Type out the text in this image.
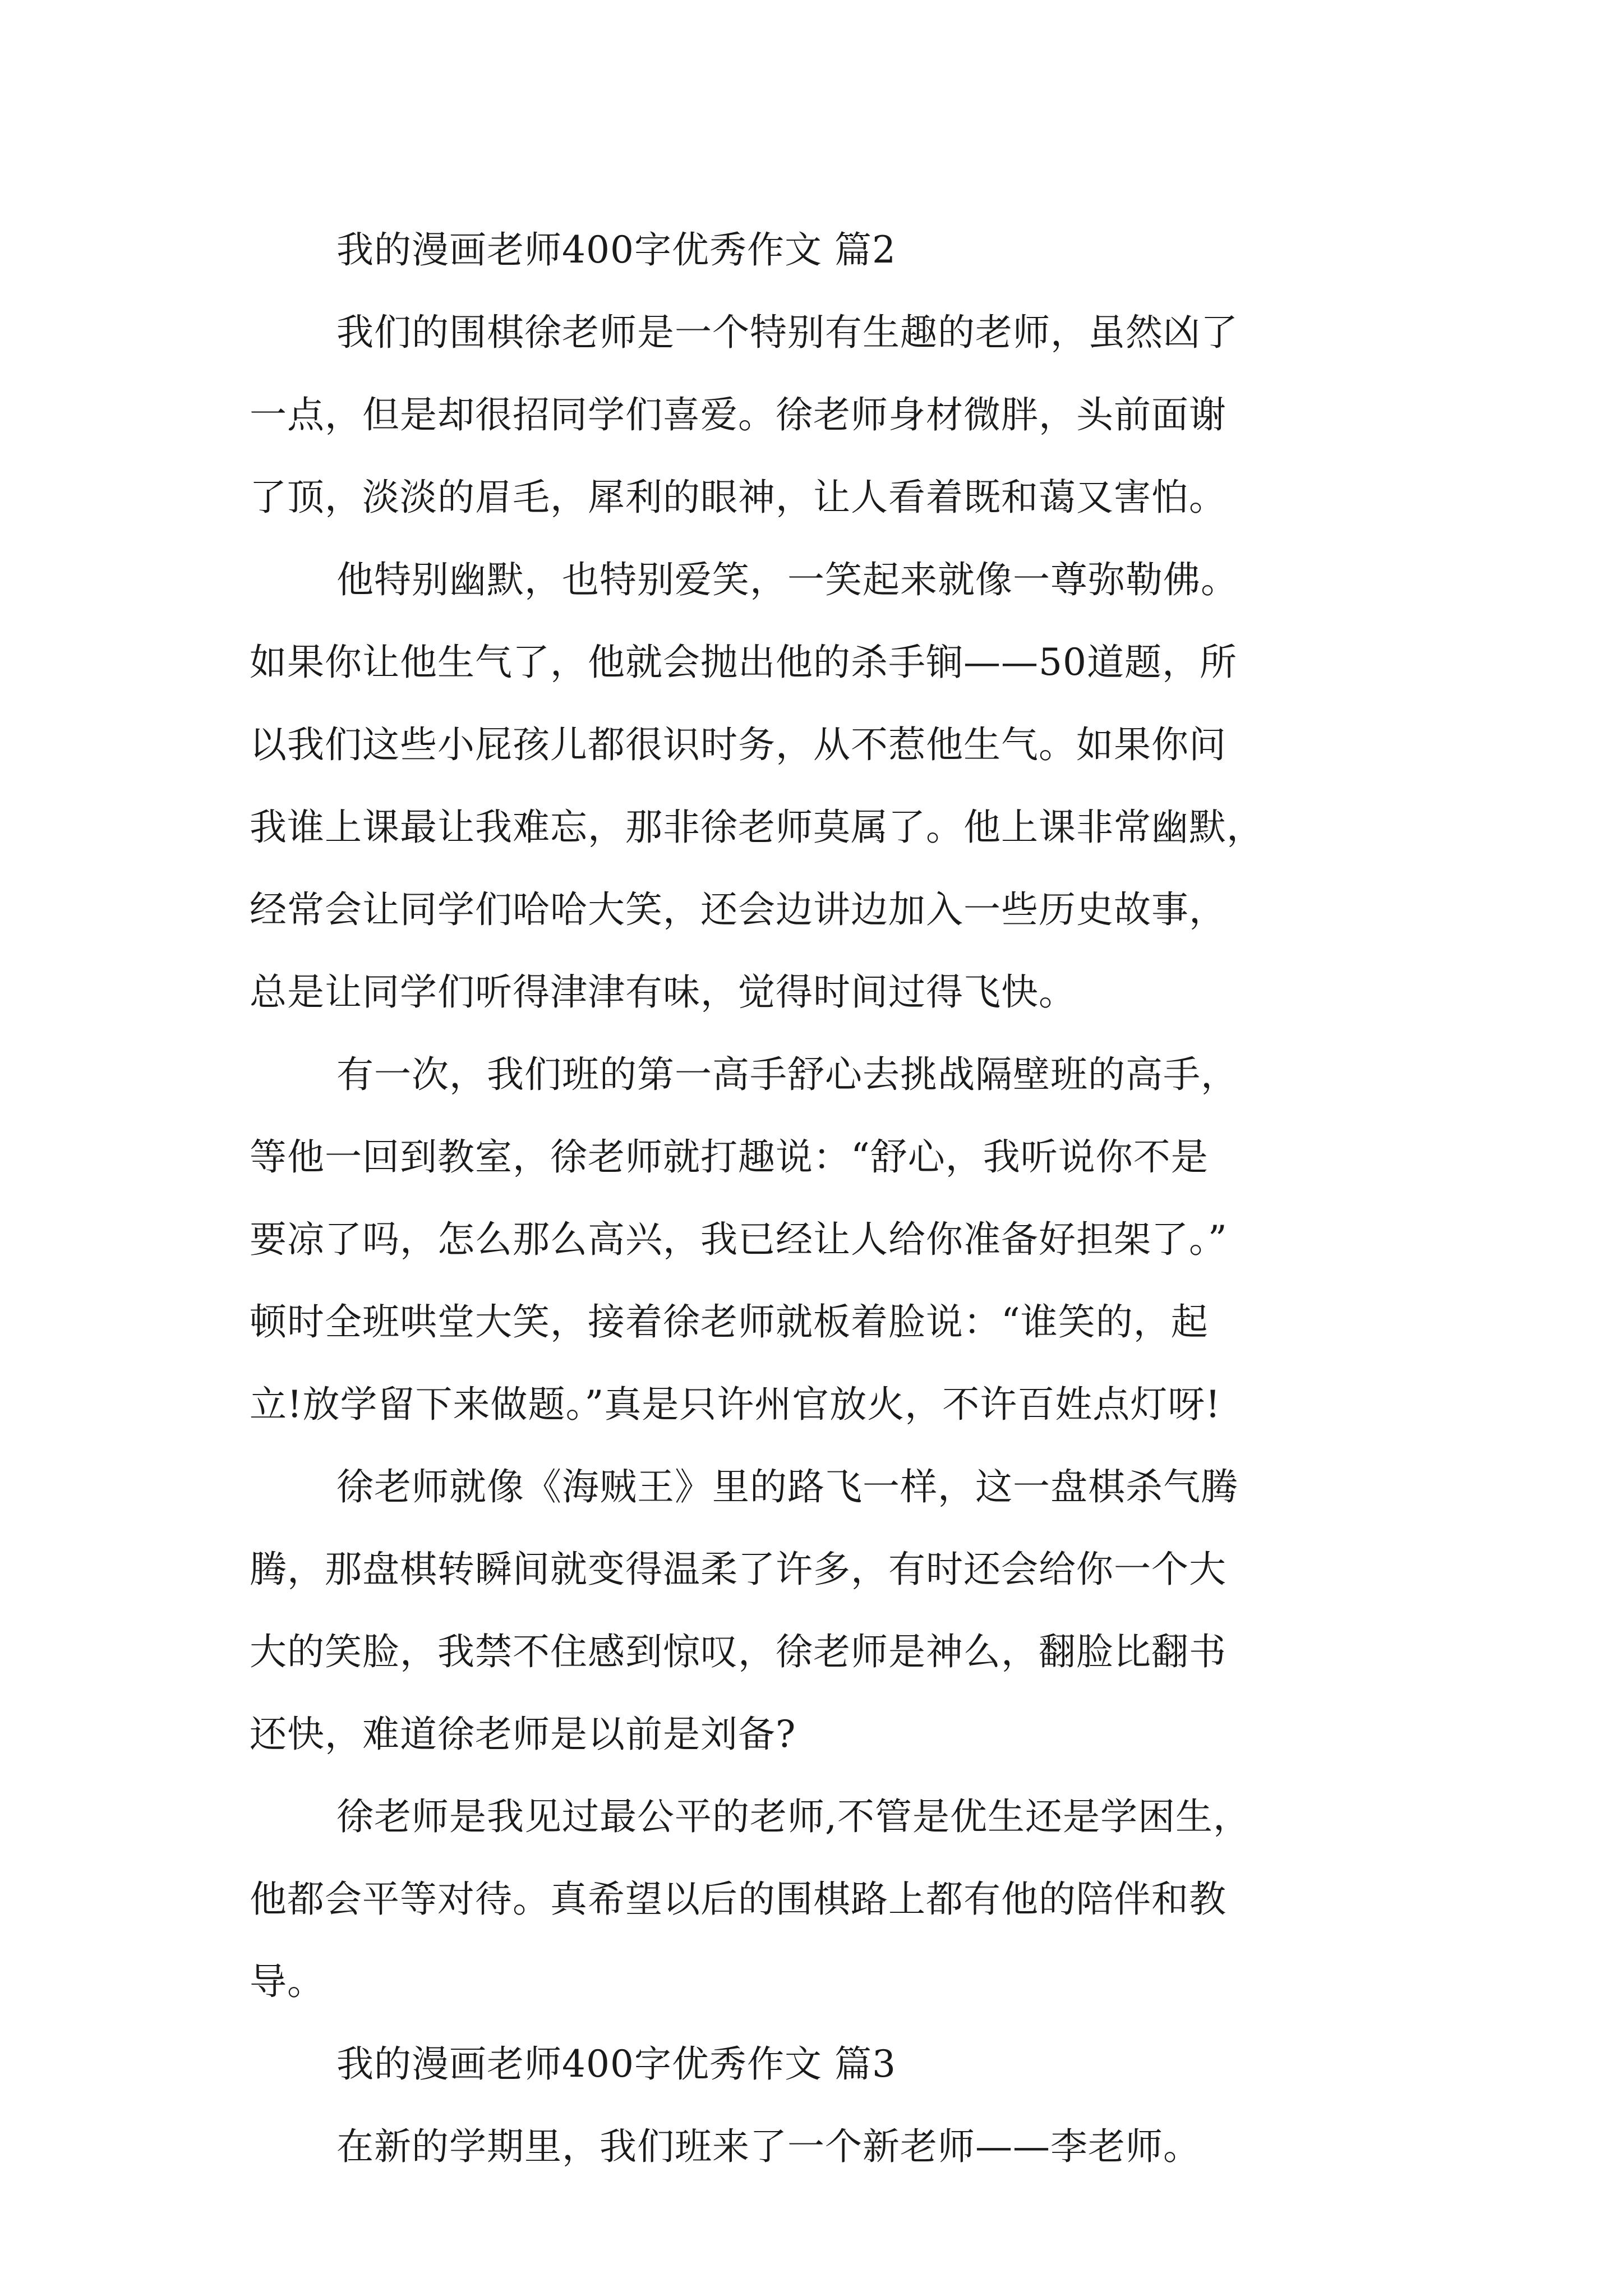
我的漫画老师400字优秀作文 篇2
我们的围棋徐老师是一个特别有生趣的老师，虽然凶了
一点，但是却很招同学们喜爱。徐老师身材微胖，头前面谢
了顶，淡淡的眉毛，犀利的眼神，让人看着既和蔼又害怕。
他特别幽默，也特别爱笑，一笑起来就像一尊弥勒佛。
如果你让他生气了，他就会抛出他的杀手锏——50道题，所
以我们这些小屁孩儿都很识时务，从不惹他生气。如果你问
我谁上课最让我难忘，那非徐老师莫属了。他上课非常幽默，
经常会让同学们哈哈大笑，还会边讲边加入一些历史故事，
总是让同学们听得津津有味，觉得时间过得飞快。
有一次，我们班的第一高手舒心去挑战隔壁班的高手，
等他一回到教室，徐老师就打趣说：“舒心，我听说你不是
要凉了吗，怎么那么高兴，我已经让人给你准备好担架了。”
顿时全班哄堂大笑，接着徐老师就板着脸说：“谁笑的，起
立!放学留下来做题。”真是只许州官放火，不许百姓点灯呀!
徐老师就像《海贼王》里的路飞一样，这一盘棋杀气腾
腾，那盘棋转瞬间就变得温柔了许多，有时还会给你一个大
大的笑脸，我禁不住感到惊叹，徐老师是神么，翻脸比翻书
还快，难道徐老师是以前是刘备?
徐老师是我见过最公平的老师,不管是优生还是学困生，
他都会平等对待。真希望以后的围棋路上都有他的陪伴和教
导。
我的漫画老师400字优秀作文 篇3
在新的学期里，我们班来了一个新老师——李老师。
